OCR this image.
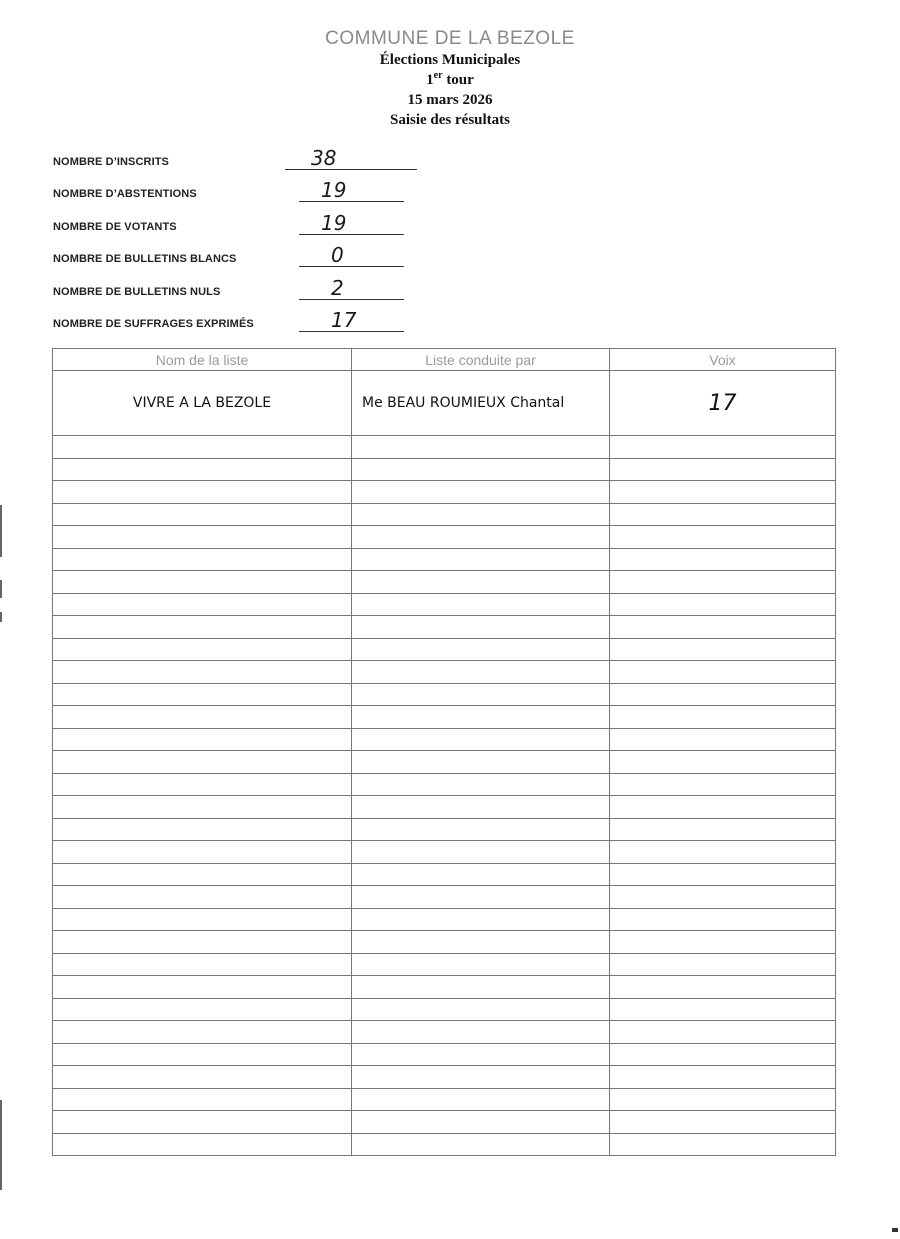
COMMUNE DE LA BEZOLE
Élections Municipales
1er tour
15 mars 2026
Saisie des résultats
NOMBRE D’INSCRITS	38
NOMBRE D’ABSTENTIONS	19
NOMBRE DE VOTANTS	19
NOMBRE DE BULLETINS BLANCS	0
NOMBRE DE BULLETINS NULS	2
NOMBRE DE SUFFRAGES EXPRIMÉS	17
Nom de la liste	Liste conduite par	Voix
VIVRE A LA BEZOLE	Me BEAU ROUMIEUX Chantal	17
